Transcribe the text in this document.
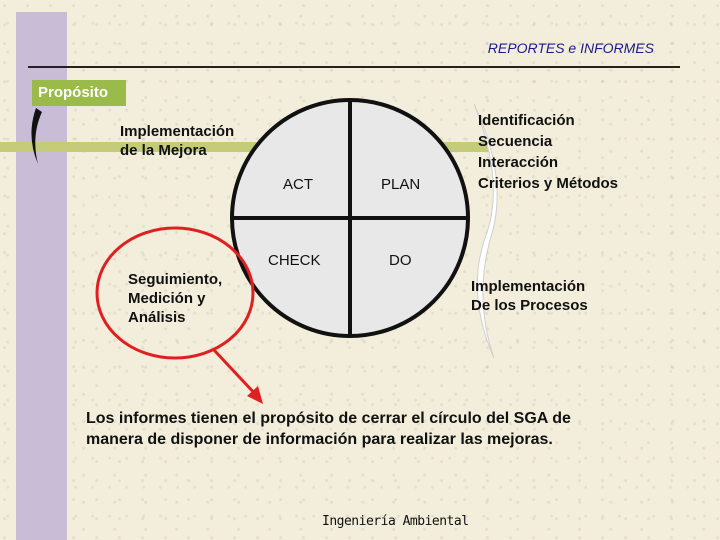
REPORTES e INFORMES
Propósito
ACT	PLAN
CHECK	DO
Implementación
de la Mejora
Identificación
Secuencia
Interacción
Criterios y Métodos
Seguimiento,
Medición y
Análisis
Implementación
De los Procesos
Los informes tienen el propósito de cerrar el círculo del SGA de
manera de disponer de información para realizar las mejoras.
Ingeniería Ambiental
